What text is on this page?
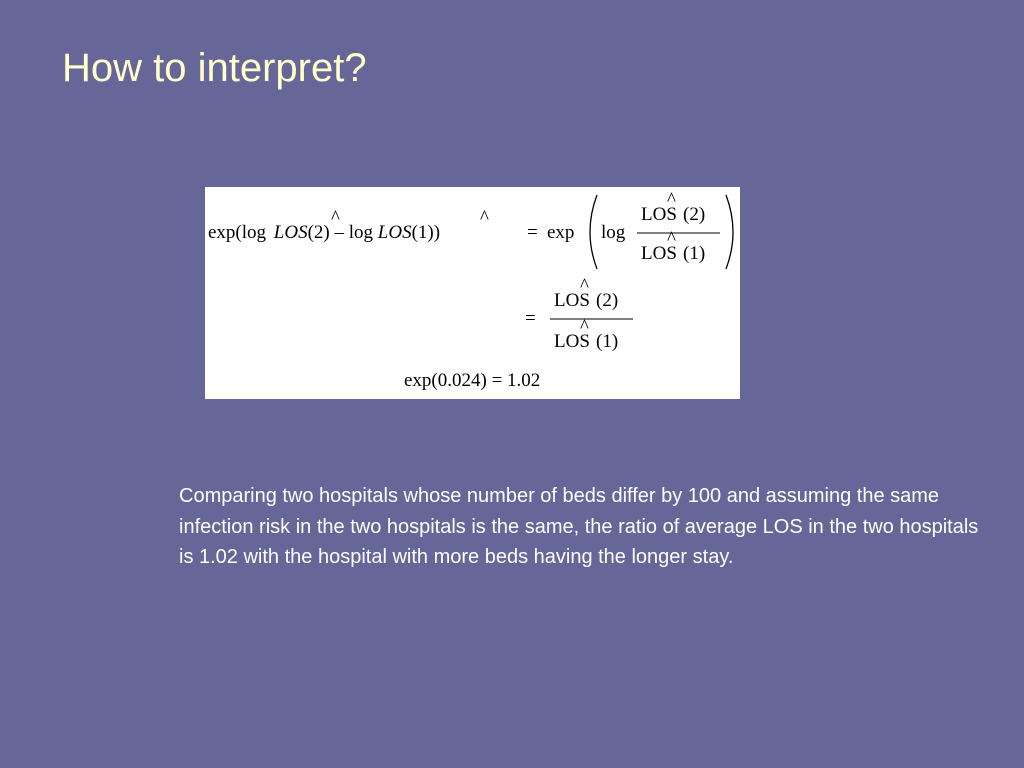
How to interpret?
exp(log LOS(2) – log LOS(1))
^	^
= exp log
LOS (2)
^
LOS (1)
^
=
LOS (2)
^
LOS (1)
^
exp(0.024) = 1.02

Comparing two hospitals whose number of beds differ by 100 and assuming the same infection risk in the two hospitals is the same, the ratio of average LOS in the two hospitals is 1.02 with the hospital with more beds having the longer stay.
